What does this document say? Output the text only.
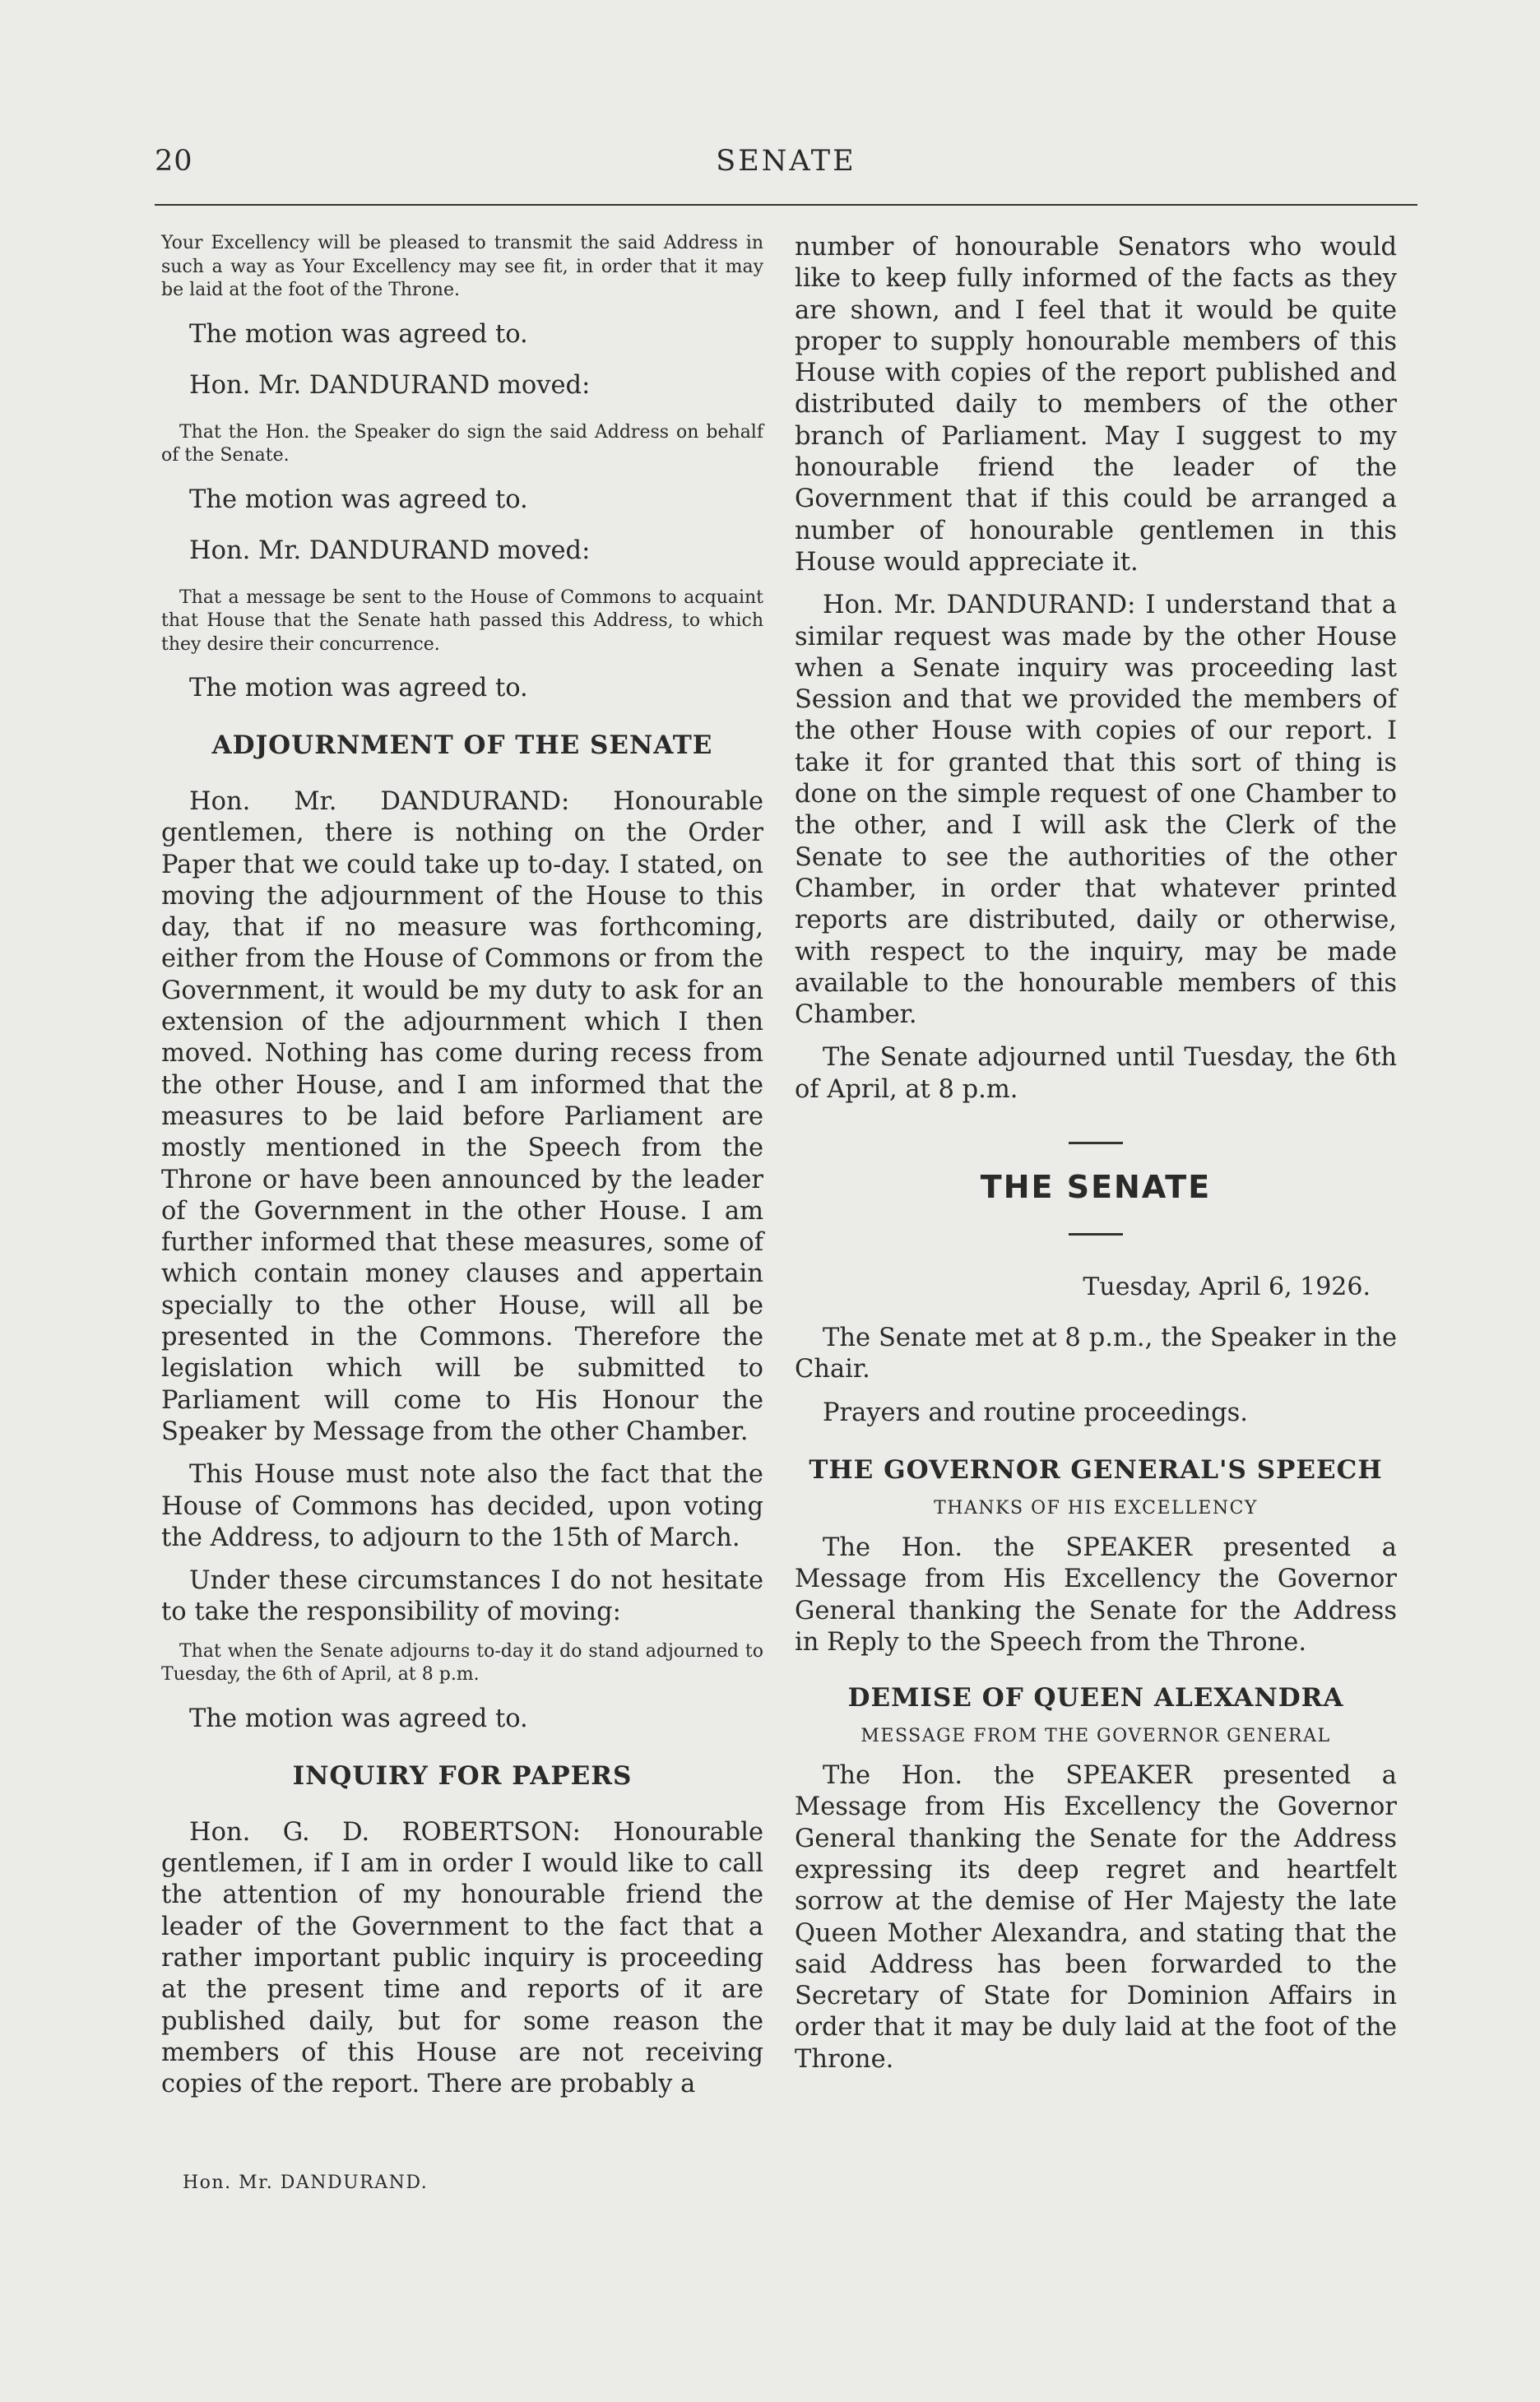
20	SENATE

Your Excellency will be pleased to transmit the said Address in such a way as Your Excellency may see fit, in order that it may be laid at the foot of the Throne.

The motion was agreed to.

Hon. Mr. DANDURAND moved:

That the Hon. the Speaker do sign the said Address on behalf of the Senate.

The motion was agreed to.

Hon. Mr. DANDURAND moved:

That a message be sent to the House of Commons to acquaint that House that the Senate hath passed this Address, to which they desire their concurrence.

The motion was agreed to.

ADJOURNMENT OF THE SENATE

Hon. Mr. DANDURAND: Honourable gentlemen, there is nothing on the Order Paper that we could take up to-day. I stated, on moving the adjournment of the House to this day, that if no measure was forthcoming, either from the House of Commons or from the Government, it would be my duty to ask for an extension of the adjournment which I then moved. Nothing has come during recess from the other House, and I am informed that the measures to be laid before Parliament are mostly mentioned in the Speech from the Throne or have been announced by the leader of the Government in the other House. I am further informed that these measures, some of which contain money clauses and appertain specially to the other House, will all be presented in the Commons. Therefore the legislation which will be submitted to Parliament will come to His Honour the Speaker by Message from the other Chamber.

This House must note also the fact that the House of Commons has decided, upon voting the Address, to adjourn to the 15th of March.

Under these circumstances I do not hesitate to take the responsibility of moving:

That when the Senate adjourns to-day it do stand adjourned to Tuesday, the 6th of April, at 8 p.m.

The motion was agreed to.

INQUIRY FOR PAPERS

Hon. G. D. ROBERTSON: Honourable gentlemen, if I am in order I would like to call the attention of my honourable friend the leader of the Government to the fact that a rather important public inquiry is proceeding at the present time and reports of it are published daily, but for some reason the members of this House are not receiving copies of the report. There are probably a

Hon. Mr. DANDURAND.

number of honourable Senators who would like to keep fully informed of the facts as they are shown, and I feel that it would be quite proper to supply honourable members of this House with copies of the report published and distributed daily to members of the other branch of Parliament. May I suggest to my honourable friend the leader of the Government that if this could be arranged a number of honourable gentlemen in this House would appreciate it.

Hon. Mr. DANDURAND: I understand that a similar request was made by the other House when a Senate inquiry was proceeding last Session and that we provided the members of the other House with copies of our report. I take it for granted that this sort of thing is done on the simple request of one Chamber to the other, and I will ask the Clerk of the Senate to see the authorities of the other Chamber, in order that whatever printed reports are distributed, daily or otherwise, with respect to the inquiry, may be made available to the honourable members of this Chamber.

The Senate adjourned until Tuesday, the 6th of April, at 8 p.m.

THE SENATE

Tuesday, April 6, 1926.

The Senate met at 8 p.m., the Speaker in the Chair.

Prayers and routine proceedings.

THE GOVERNOR GENERAL'S SPEECH
THANKS OF HIS EXCELLENCY

The Hon. the SPEAKER presented a Message from His Excellency the Governor General thanking the Senate for the Address in Reply to the Speech from the Throne.

DEMISE OF QUEEN ALEXANDRA
MESSAGE FROM THE GOVERNOR GENERAL

The Hon. the SPEAKER presented a Message from His Excellency the Governor General thanking the Senate for the Address expressing its deep regret and heartfelt sorrow at the demise of Her Majesty the late Queen Mother Alexandra, and stating that the said Address has been forwarded to the Secretary of State for Dominion Affairs in order that it may be duly laid at the foot of the Throne.
